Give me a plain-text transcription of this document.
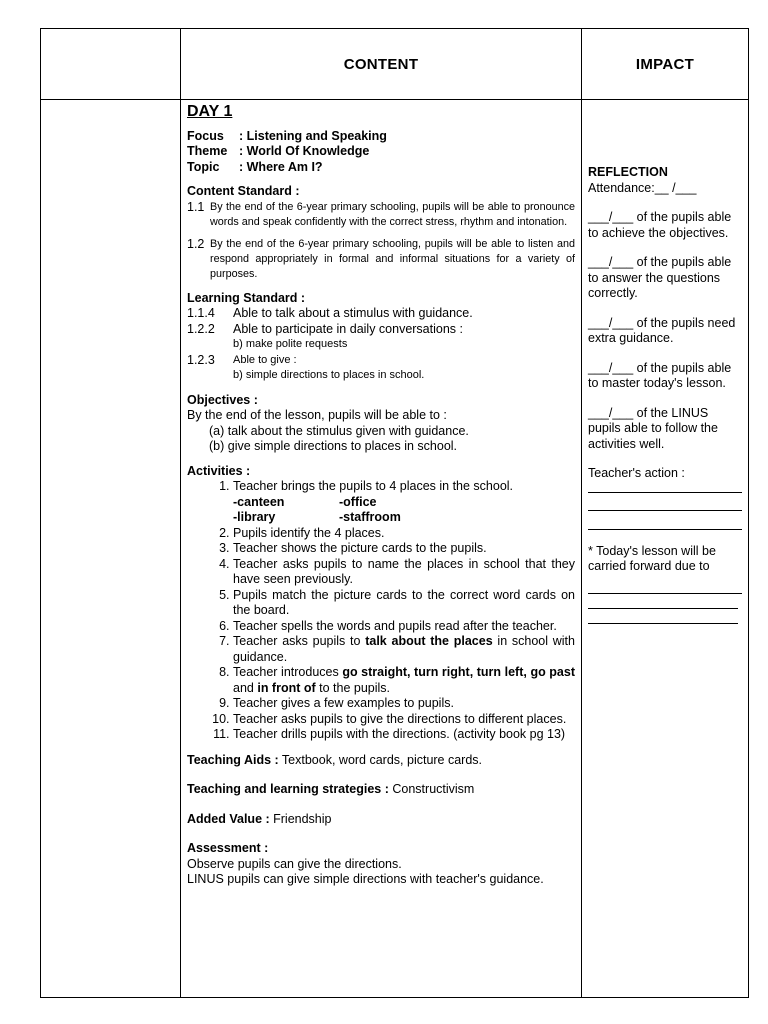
CONTENT	IMPACT
DAY 1
Focus	: Listening and Speaking
Theme : World Of Knowledge
Topic	: Where Am I?
Content Standard :
1.1 By the end of the 6-year primary schooling, pupils will be able to pronounce words and speak confidently with the correct stress, rhythm and intonation.
1.2 By the end of the 6-year primary schooling, pupils will be able to listen and respond appropriately in formal and informal situations for a variety of purposes.
Learning Standard :
1.1.4	Able to talk about a stimulus with guidance.
1.2.2	Able to participate in daily conversations :
b) make polite requests
1.2.3	Able to give :
b) simple directions to places in school.
Objectives :
By the end of the lesson, pupils will be able to :
(a) talk about the stimulus given with guidance.
(b) give simple directions to places in school.
Activities :
1. Teacher brings the pupils to 4 places in the school.
-canteen	-office
-library	-staffroom
2. Pupils identify the 4 places.
3. Teacher shows the picture cards to the pupils.
4. Teacher asks pupils to name the places in school that they have seen previously.
5. Pupils match the picture cards to the correct word cards on the board.
6. Teacher spells the words and pupils read after the teacher.
7. Teacher asks pupils to talk about the places in school with guidance.
8. Teacher introduces go straight, turn right, turn left, go past and in front of to the pupils.
9. Teacher gives a few examples to pupils.
10. Teacher asks pupils to give the directions to different places.
11. Teacher drills pupils with the directions. (activity book pg 13)
Teaching Aids : Textbook, word cards, picture cards.
Teaching and learning strategies : Constructivism
Added Value : Friendship
Assessment :
Observe pupils can give the directions.
LINUS pupils can give simple directions with teacher's guidance.
REFLECTION
Attendance:__ /___
___/___ of the pupils able to achieve the objectives.
___/___ of the pupils able to answer the questions correctly.
___/___ of the pupils need extra guidance.
___/___ of the pupils able to master today's lesson.
___/___ of the LINUS pupils able to follow the activities well.
Teacher's action :
* Today's lesson will be carried forward due to
